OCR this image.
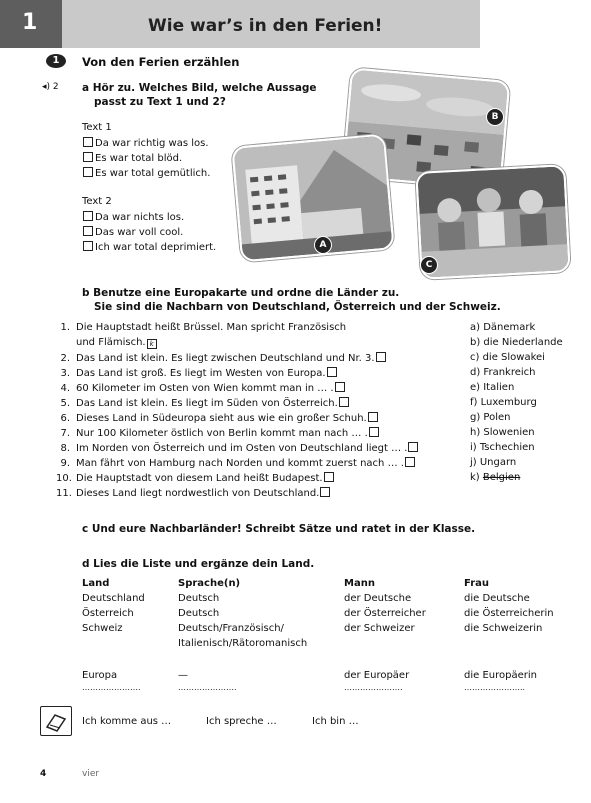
1	Wie war’s in den Ferien!
1	Von den Ferien erzählen
◂) 2 a Hör zu. Welches Bild, welche Aussage
passt zu Text 1 und 2?
Text 1
Da war richtig was los.
Es war total blöd.
Es war total gemütlich.
Text 2
Da war nichts los.
Das war voll cool.
Ich war total deprimiert.
B
A
C
b Benutze eine Europakarte und ordne die Länder zu.
Sie sind die Nachbarn von Deutschland, Österreich und der Schweiz.
1. Die Hauptstadt heißt Brüssel. Man spricht Französisch
und Flämisch. k
2. Das Land ist klein. Es liegt zwischen Deutschland und Nr. 3.
3. Das Land ist groß. Es liegt im Westen von Europa.
4. 60 Kilometer im Osten von Wien kommt man in … .
5. Das Land ist klein. Es liegt im Süden von Österreich.
6. Dieses Land in Südeuropa sieht aus wie ein großer Schuh.
7. Nur 100 Kilometer östlich von Berlin kommt man nach … .
8. Im Norden von Österreich und im Osten von Deutschland liegt … .
9. Man fährt von Hamburg nach Norden und kommt zuerst nach … .
10. Die Hauptstadt von diesem Land heißt Budapest.
11. Dieses Land liegt nordwestlich von Deutschland.
a) Dänemark
b) die Niederlande
c) die Slowakei
d) Frankreich
e) Italien
f) Luxemburg
g) Polen
h) Slowenien
i) Tschechien
j) Ungarn
k) Belgien
c Und eure Nachbarländer! Schreibt Sätze und ratet in der Klasse.
d Lies die Liste und ergänze dein Land.
Land	Sprache(n)	Mann	Frau
Deutschland	Deutsch	der Deutsche	die Deutsche
Österreich	Deutsch	der Österreicher	die Österreicherin
Schweiz	Deutsch/Französisch/	der Schweizer	die Schweizerin
Italienisch/Rätoromanisch
Europa	—	der Europäer	die Europäerin
………………….	………………….	………………….	…………………..
Ich komme aus …	Ich spreche …	Ich bin …
4	vier
